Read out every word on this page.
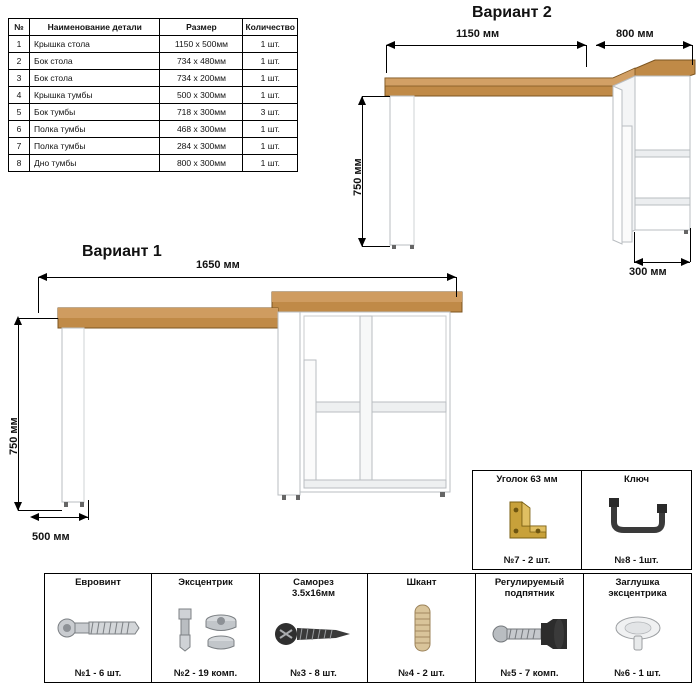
№	Наименование детали	Размер	Количество
1	Крышка стола	1150 x 500мм	1 шт.
2	Бок стола	734 х 480мм	1 шт.
3	Бок стола	734 х 200мм	1 шт.
4	Крышка тумбы	500 x 300мм	1 шт.
5	Бок тумбы	718 x 300мм	3 шт.
6	Полка тумбы	468 x 300мм	1 шт.
7	Полка тумбы	284 x 300мм	1 шт.
8	Дно тумбы	800 x 300мм	1 шт.
Вариант 2
1150 мм	800 мм
750 мм
300 мм
Вариант 1
1650 мм
750 мм
500 мм
Уголок 63 мм
№7 - 2 шт.
Ключ
№8 - 1шт.
Евровинт
№1 - 6 шт.
Эксцентрик
№2 - 19 комп.
Саморез
3.5х16мм
№3 - 8 шт.
Шкант
№4 - 2 шт.
Регулируемый
подпятник
№5 - 7 комп.
Заглушка
эксцентрика
№6 - 1 шт.
